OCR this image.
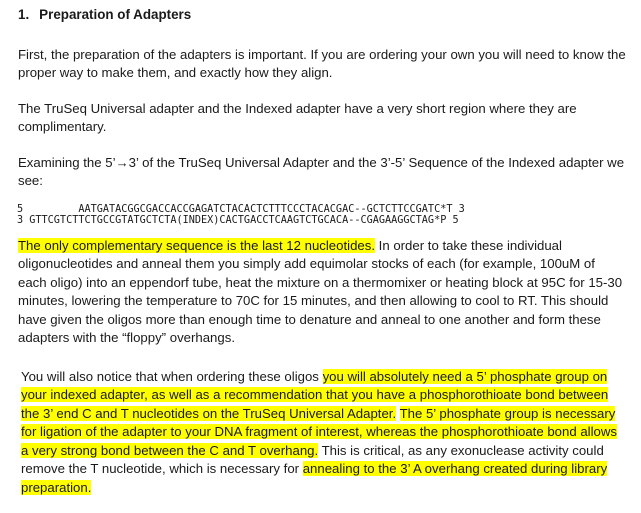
1. Preparation of Adapters

First, the preparation of the adapters is important. If you are ordering your own you will need to know the proper way to make them, and exactly how they align.

The TruSeq Universal adapter and the Indexed adapter have a very short region where they are complimentary.

Examining the 5’→3’ of the TruSeq Universal Adapter and the 3’-5’ Sequence of the Indexed adapter we see:

5         AATGATACGGCGACCACCGAGATCTACACTCTTTCCCTACACGAC--GCTCTTCCGATC*T 3
3 GTTCGTCTTCTGCCGTATGCTCTA(INDEX)CACTGACCTCAAGTCTGCACA--CGAGAAGGCTAG*P 5

The only complementary sequence is the last 12 nucleotides. In order to take these individual oligonucleotides and anneal them you simply add equimolar stocks of each (for example, 100uM of each oligo) into an eppendorf tube, heat the mixture on a thermomixer or heating block at 95C for 15-30 minutes, lowering the temperature to 70C for 15 minutes, and then allowing to cool to RT. This should have given the oligos more than enough time to denature and anneal to one another and form these adapters with the “floppy” overhangs.

You will also notice that when ordering these oligos you will absolutely need a 5’ phosphate group on your indexed adapter, as well as a recommendation that you have a phosphorothioate bond between the 3’ end C and T nucleotides on the TruSeq Universal Adapter. The 5’ phosphate group is necessary for ligation of the adapter to your DNA fragment of interest, whereas the phosphorothioate bond allows a very strong bond between the C and T overhang. This is critical, as any exonuclease activity could remove the T nucleotide, which is necessary for annealing to the 3’ A overhang created during library preparation.
